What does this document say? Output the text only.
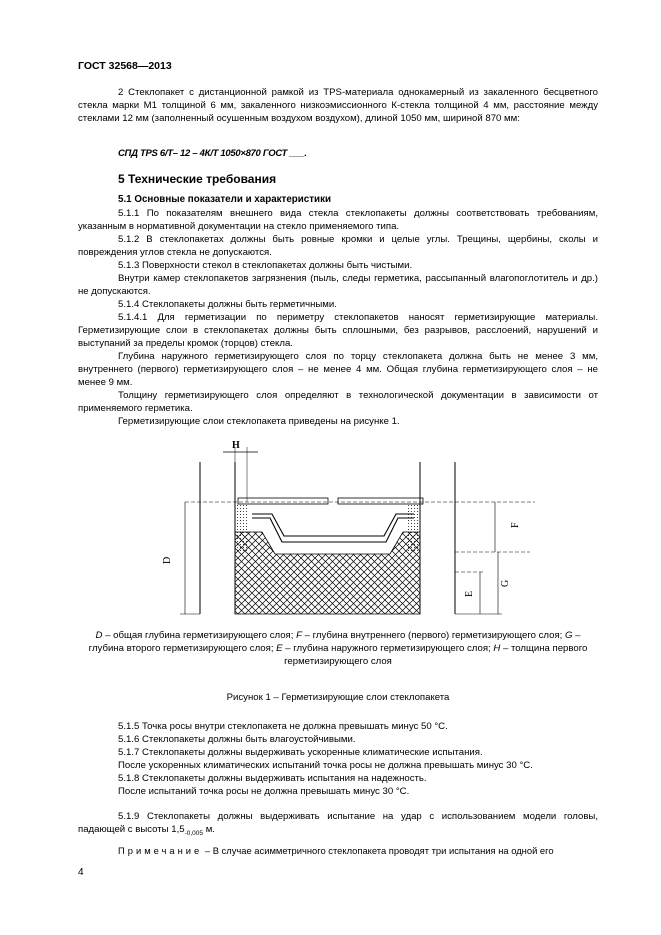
ГОСТ 32568—2013
2 Стеклопакет с дистанционной рамкой из TPS-материала однокамерный из закаленного бесцветного стекла марки М1 толщиной 6 мм, закаленного низкоэмиссионного К-стекла толщиной 4 мм, расстояние между стеклами 12 мм (заполненный осушенным воздухом воздухом), длиной 1050 мм, шириной 870 мм:
СПД TPS 6/Т– 12 – 4К/Т 1050×870 ГОСТ ___.
5 Технические требования
5.1 Основные показатели и характеристики
5.1.1 По показателям внешнего вида стекла стеклопакеты должны соответствовать требованиям, указанным в нормативной документации на стекло применяемого типа.
5.1.2 В стеклопакетах должны быть ровные кромки и целые углы. Трещины, щербины, сколы и повреждения углов стекла не допускаются.
5.1.3 Поверхности стекол в стеклопакетах должны быть чистыми.
Внутри камер стеклопакетов загрязнения (пыль, следы герметика, рассыпанный влагопоглотитель и др.) не допускаются.
5.1.4 Стеклопакеты должны быть герметичными.
5.1.4.1 Для герметизации по периметру стеклопакетов наносят герметизирующие материалы. Герметизирующие слои в стеклопакетах должны быть сплошными, без разрывов, расслоений, нарушений и выступаний за пределы кромок (торцов) стекла.
Глубина наружного герметизирующего слоя по торцу стеклопакета должна быть не менее 3 мм, внутреннего (первого) герметизирующего слоя – не менее 4 мм. Общая глубина герметизирующего слоя – не менее 9 мм.
Толщину герметизирующего слоя определяют в технологической документации в зависимости от применяемого герметика.
Герметизирующие слои стеклопакета приведены на рисунке 1.
H
D
F
E
G
D – общая глубина герметизирующего слоя; F – глубина внутреннего (первого) герметизирующего слоя; G – глубина второго герметизирующего слоя; E – глубина наружного герметизирующего слоя; H – толщина первого герметизирующего слоя
Рисунок 1 – Герметизирующие слои стеклопакета
5.1.5 Точка росы внутри стеклопакета не должна превышать минус 50 °С.
5.1.6 Стеклопакеты должны быть влагоустойчивыми.
5.1.7 Стеклопакеты должны выдерживать ускоренные климатические испытания.
После ускоренных климатических испытаний точка росы не должна превышать минус 30 °С.
5.1.8 Стеклопакеты должны выдерживать испытания на надежность.
После испытаний точка росы не должна превышать минус 30 °С.
5.1.9 Стеклопакеты должны выдерживать испытание на удар с использованием модели головы, падающей с высоты $1,5_{-0,005}$ м.
Примечание – В случае асимметричного стеклопакета проводят три испытания на одной его
4
